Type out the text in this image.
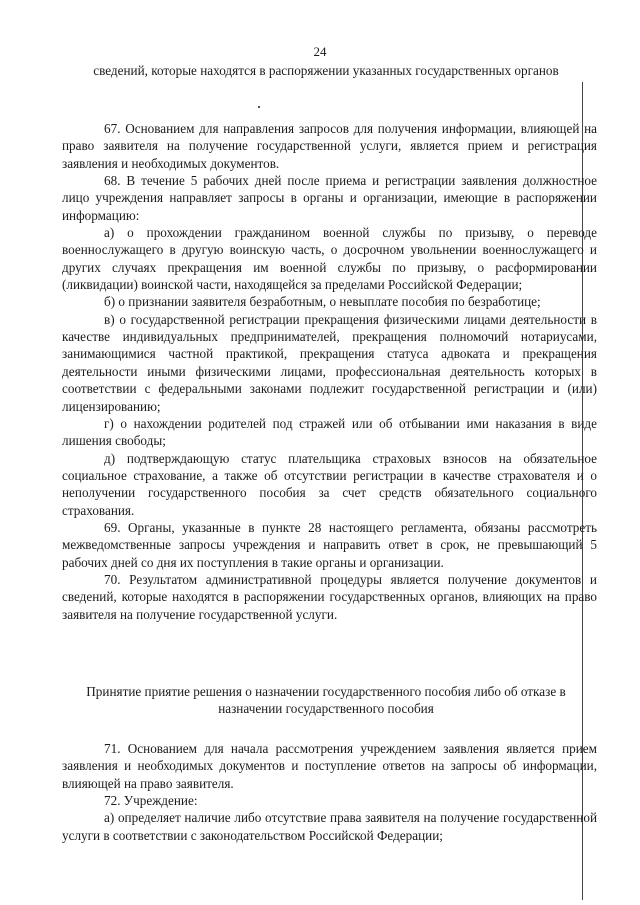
24
сведений, которые находятся в распоряжении указанных государственных органов

67. Основанием для направления запросов для получения информации, влияющей на право заявителя на получение государственной услуги, является прием и регистрация заявления и необходимых документов.

68. В течение 5 рабочих дней после приема и регистрации заявления должностное лицо учреждения направляет запросы в органы и организации, имеющие в распоряжении информацию:

а) о прохождении гражданином военной службы по призыву, о переводе военнослужащего в другую воинскую часть, о досрочном увольнении военнослужащего и других случаях прекращения им военной службы по призыву, о расформировании (ликвидации) воинской части, находящейся за пределами Российской Федерации;

б) о признании заявителя безработным, о невыплате пособия по безработице;

в) о государственной регистрации прекращения физическими лицами деятельности в качестве индивидуальных предпринимателей, прекращения полномочий нотариусами, занимающимися частной практикой, прекращения статуса адвоката и прекращения деятельности иными физическими лицами, профессиональная деятельность которых в соответствии с федеральными законами подлежит государственной регистрации и (или) лицензированию;

г) о нахождении родителей под стражей или об отбывании ими наказания в виде лишения свободы;

д) подтверждающую статус плательщика страховых взносов на обязательное социальное страхование, а также об отсутствии регистрации в качестве страхователя и о неполучении государственного пособия за счет средств обязательного социального страхования.

69. Органы, указанные в пункте 28 настоящего регламента, обязаны рассмотреть межведомственные запросы учреждения и направить ответ в срок, не превышающий 5 рабочих дней со дня их поступления в такие органы и организации.

70. Результатом административной процедуры является получение документов и сведений, которые находятся в распоряжении государственных органов, влияющих на право заявителя на получение государственной услуги.

Принятие приятие решения о назначении государственного пособия либо об отказе в назначении государственного пособия

71. Основанием для начала рассмотрения учреждением заявления является прием заявления и необходимых документов и поступление ответов на запросы об информации, влияющей на право заявителя.

72. Учреждение:

а) определяет наличие либо отсутствие права заявителя на получение государственной услуги в соответствии с законодательством Российской Федерации;
